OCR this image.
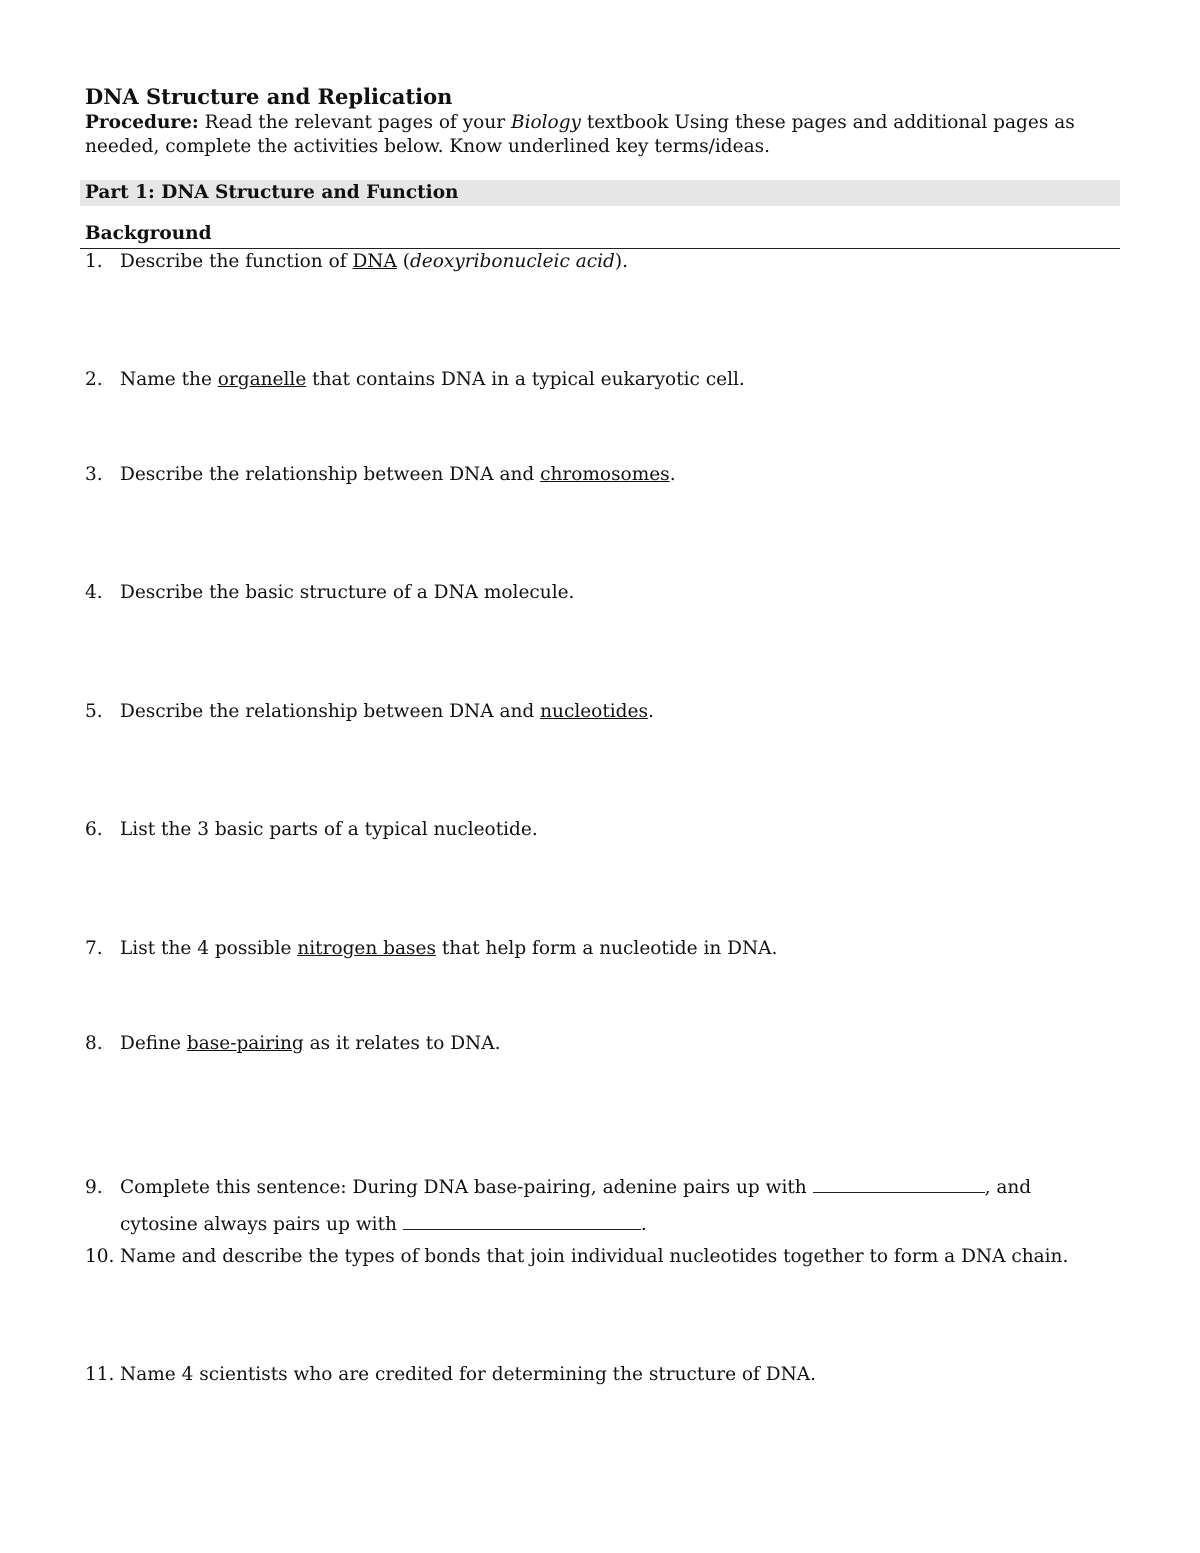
DNA Structure and Replication
Procedure: Read the relevant pages of your Biology textbook Using these pages and additional pages as needed, complete the activities below. Know underlined key terms/ideas.
Part 1: DNA Structure and Function
Background
1. Describe the function of DNA (deoxyribonucleic acid).
2. Name the organelle that contains DNA in a typical eukaryotic cell.
3. Describe the relationship between DNA and chromosomes.
4. Describe the basic structure of a DNA molecule.
5. Describe the relationship between DNA and nucleotides.
6. List the 3 basic parts of a typical nucleotide.
7. List the 4 possible nitrogen bases that help form a nucleotide in DNA.
8. Define base-pairing as it relates to DNA.
9. Complete this sentence: During DNA base-pairing, adenine pairs up with	, and
cytosine always pairs up with	.
10. Name and describe the types of bonds that join individual nucleotides together to form a DNA chain.
11. Name 4 scientists who are credited for determining the structure of DNA.
